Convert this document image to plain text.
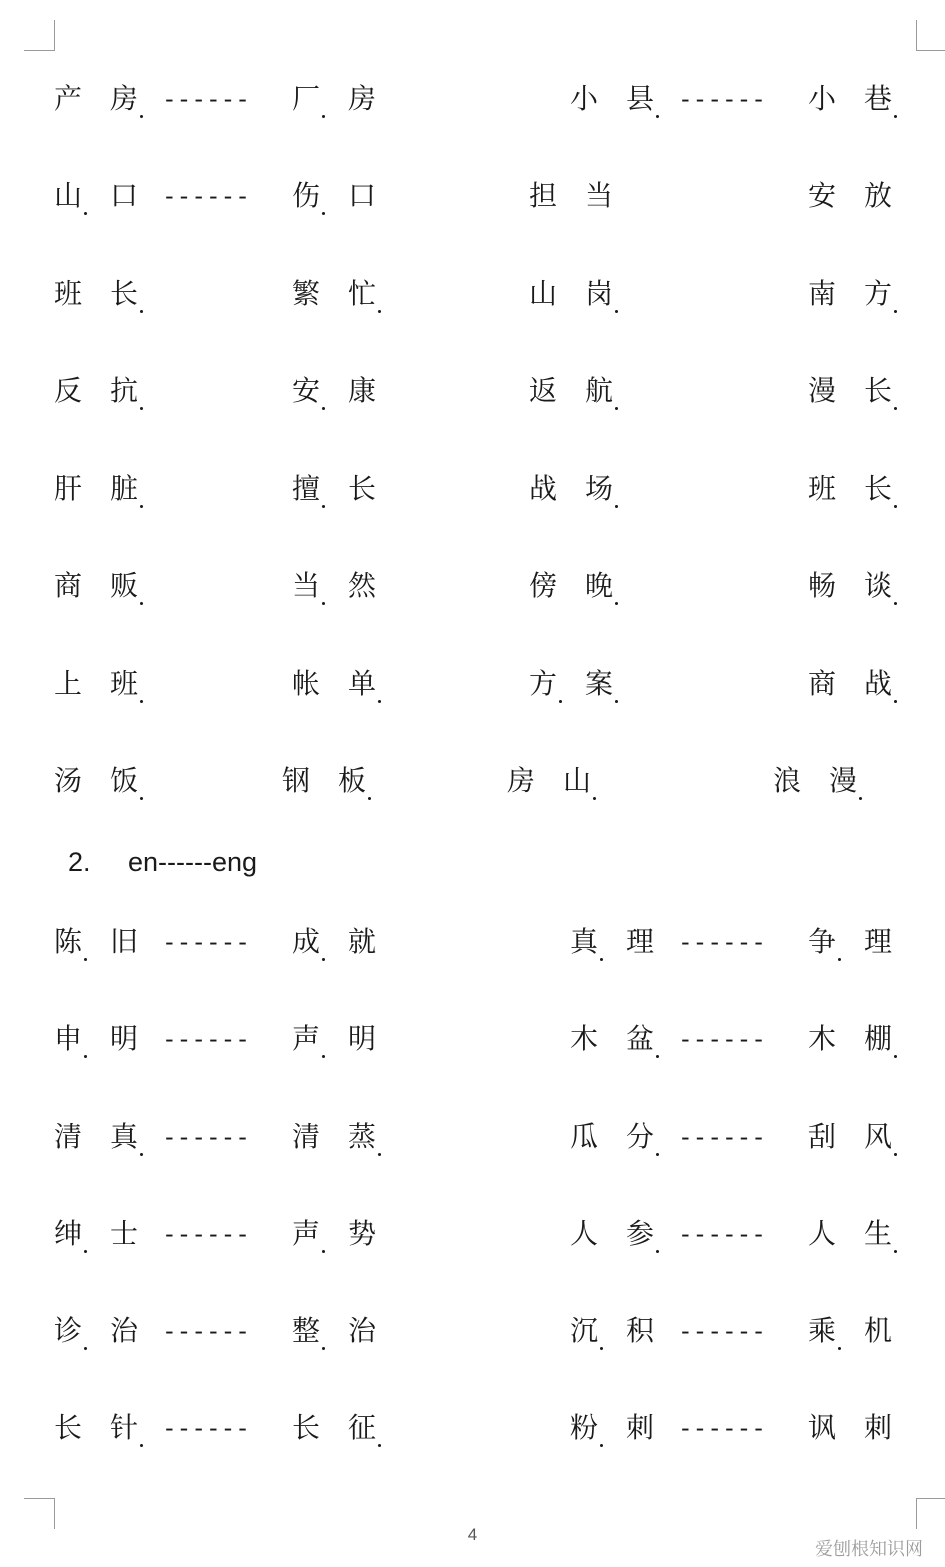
产 房 ------ 厂 房	小 县 ------ 小 巷
山 口 ------ 伤 口	担 当	安 放
班 长	繁 忙	山 岗	南 方
反 抗	安 康	返 航	漫 长
肝 脏	擅 长	战 场	班 长
商 贩	当 然	傍 晚	畅 谈
上 班	帐 单	方 案	商 战
汤 饭	钢 板	房 山	浪 漫
2. en------eng
陈 旧 ------ 成 就	真 理 ------ 争 理
申 明 ------ 声 明	木 盆 ------ 木 棚
清 真 ------ 清 蒸	瓜 分 ------ 刮 风
绅 士 ------ 声 势	人 参 ------ 人 生
诊 治 ------ 整 治	沉 积 ------ 乘 机
长 针 ------ 长 征	粉 刺 ------ 讽 刺
4
爱刨根知识网
